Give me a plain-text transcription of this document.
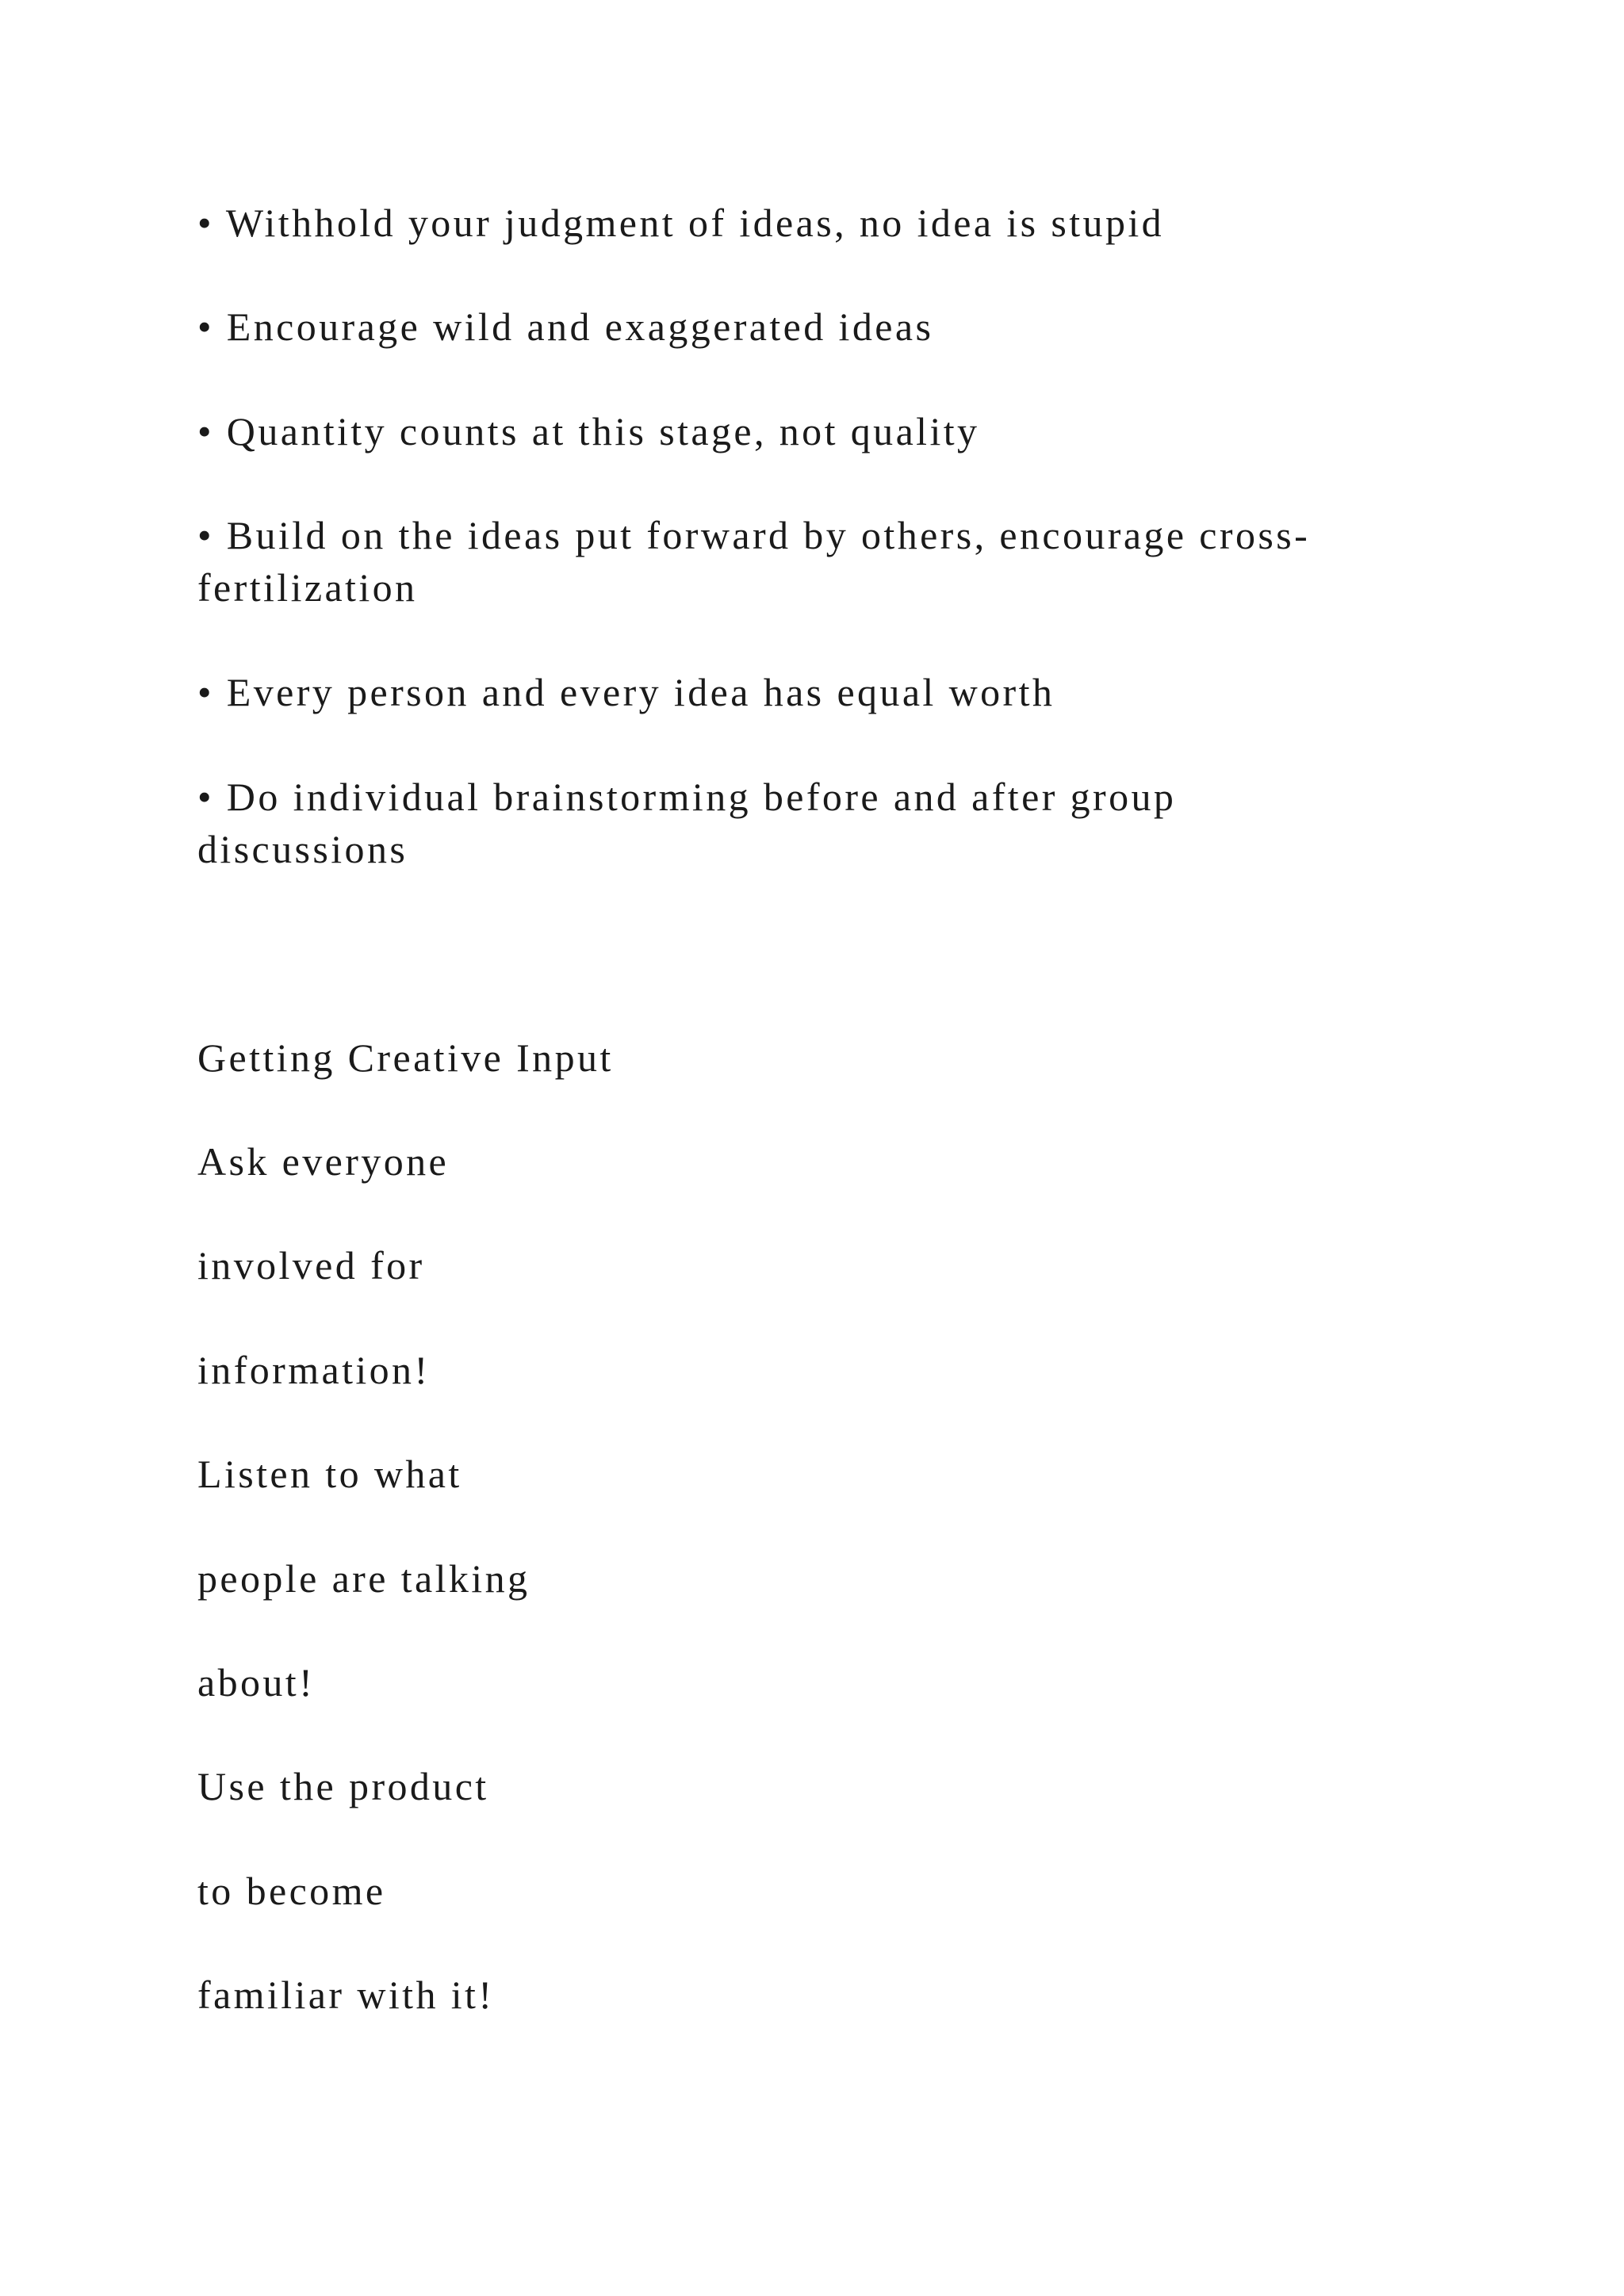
• Withhold your judgment of ideas, no idea is stupid
• Encourage wild and exaggerated ideas
• Quantity counts at this stage, not quality
• Build on the ideas put forward by others, encourage cross-
fertilization
• Every person and every idea has equal worth
• Do individual brainstorming before and after group
discussions
Getting Creative Input
Ask everyone
involved for
information!
Listen to what
people are talking
about!
Use the product
to become
familiar with it!
